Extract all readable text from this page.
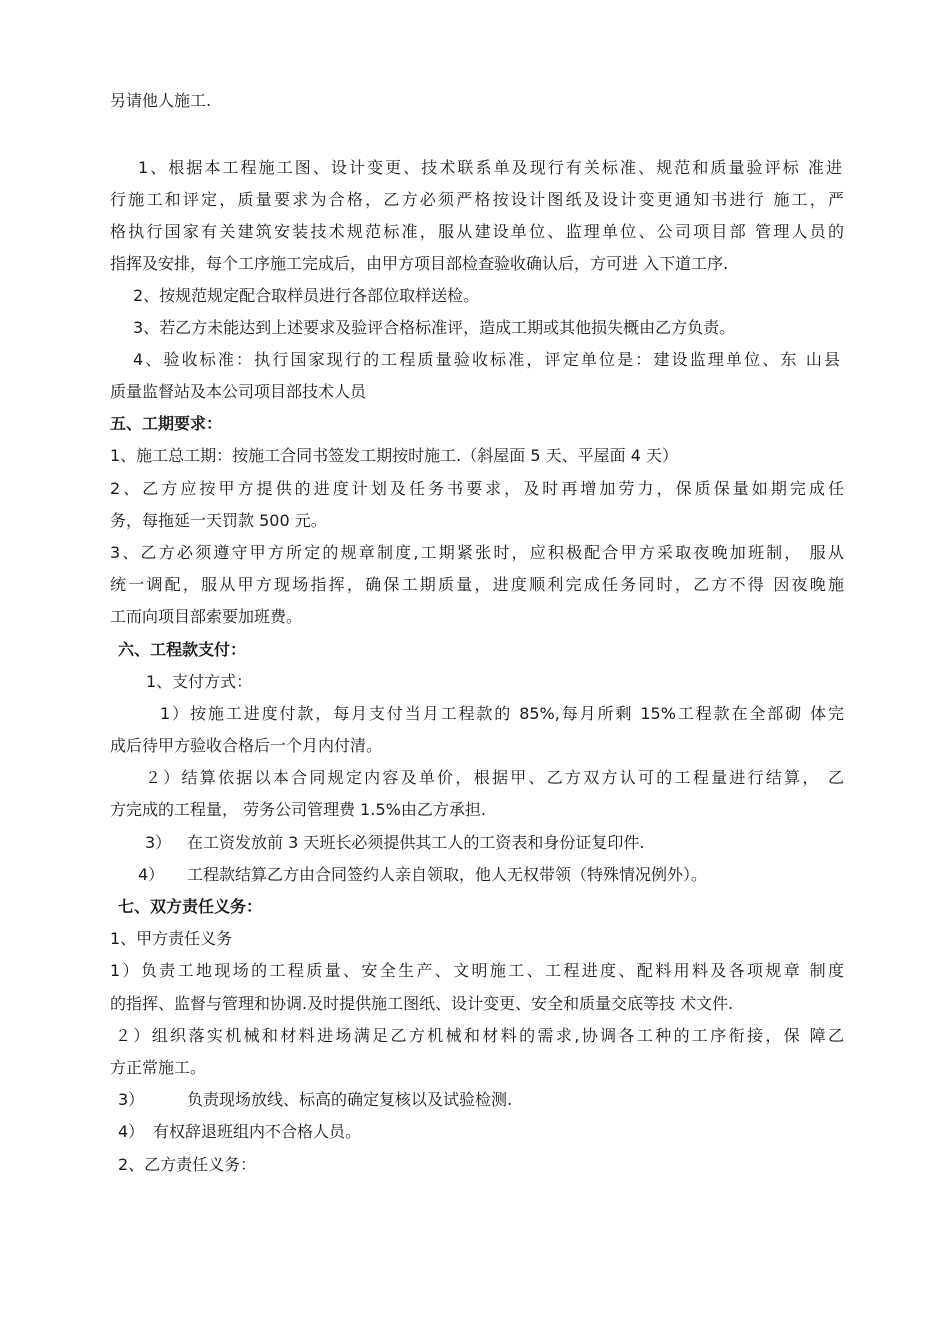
另请他人施工.
1、根据本工程施工图、设计变更、技术联系单及现行有关标准、规范和质量验评标 准进
行施工和评定，质量要求为合格，乙方必须严格按设计图纸及设计变更通知书进行 施工，严
格执行国家有关建筑安装技术规范标准，服从建设单位、监理单位、公司项目部 管理人员的
指挥及安排，每个工序施工完成后，由甲方项目部检查验收确认后，方可进 入下道工序.
2、按规范规定配合取样员进行各部位取样送检。
3、若乙方未能达到上述要求及验评合格标准评，造成工期或其他损失概由乙方负责。
4、验收标准：执行国家现行的工程质量验收标准，评定单位是：建设监理单位、东 山县
质量监督站及本公司项目部技术人员
五、工期要求：
1、施工总工期：按施工合同书签发工期按时施工.（斜屋面 5 天、平屋面 4 天）
2、乙方应按甲方提供的进度计划及任务书要求，及时再增加劳力，保质保量如期完成任
务，每拖延一天罚款 500 元。
3、乙方必须遵守甲方所定的规章制度,工期紧张时，应积极配合甲方采取夜晚加班制， 服从
统一调配，服从甲方现场指挥，确保工期质量，进度顺利完成任务同时，乙方不得 因夜晚施
工而向项目部索要加班费。
六、工程款支付：
1、支付方式：
1）按施工进度付款，每月支付当月工程款的 85%,每月所剩 15%工程款在全部砌 体完
成后待甲方验收合格后一个月内付清。
２）结算依据以本合同规定内容及单价，根据甲、乙方双方认可的工程量进行结算， 乙
方完成的工程量， 劳务公司管理费 1.5%由乙方承担.
3） 在工资发放前 3 天班长必须提供其工人的工资表和身份证复印件.
4）	工程款结算乙方由合同签约人亲自领取，他人无权带领（特殊情况例外）。
七、双方责任义务：
1、甲方责任义务
1）负责工地现场的工程质量、安全生产、文明施工、工程进度、配料用料及各项规章 制度
的指挥、监督与管理和协调.及时提供施工图纸、设计变更、安全和质量交底等技 术文件.
２）组织落实机械和材料进场满足乙方机械和材料的需求,协调各工种的工序衔接，保 障乙
方正常施工。
3）	负责现场放线、标高的确定复核以及试验检测.
4） 有权辞退班组内不合格人员。
2、乙方责任义务：
